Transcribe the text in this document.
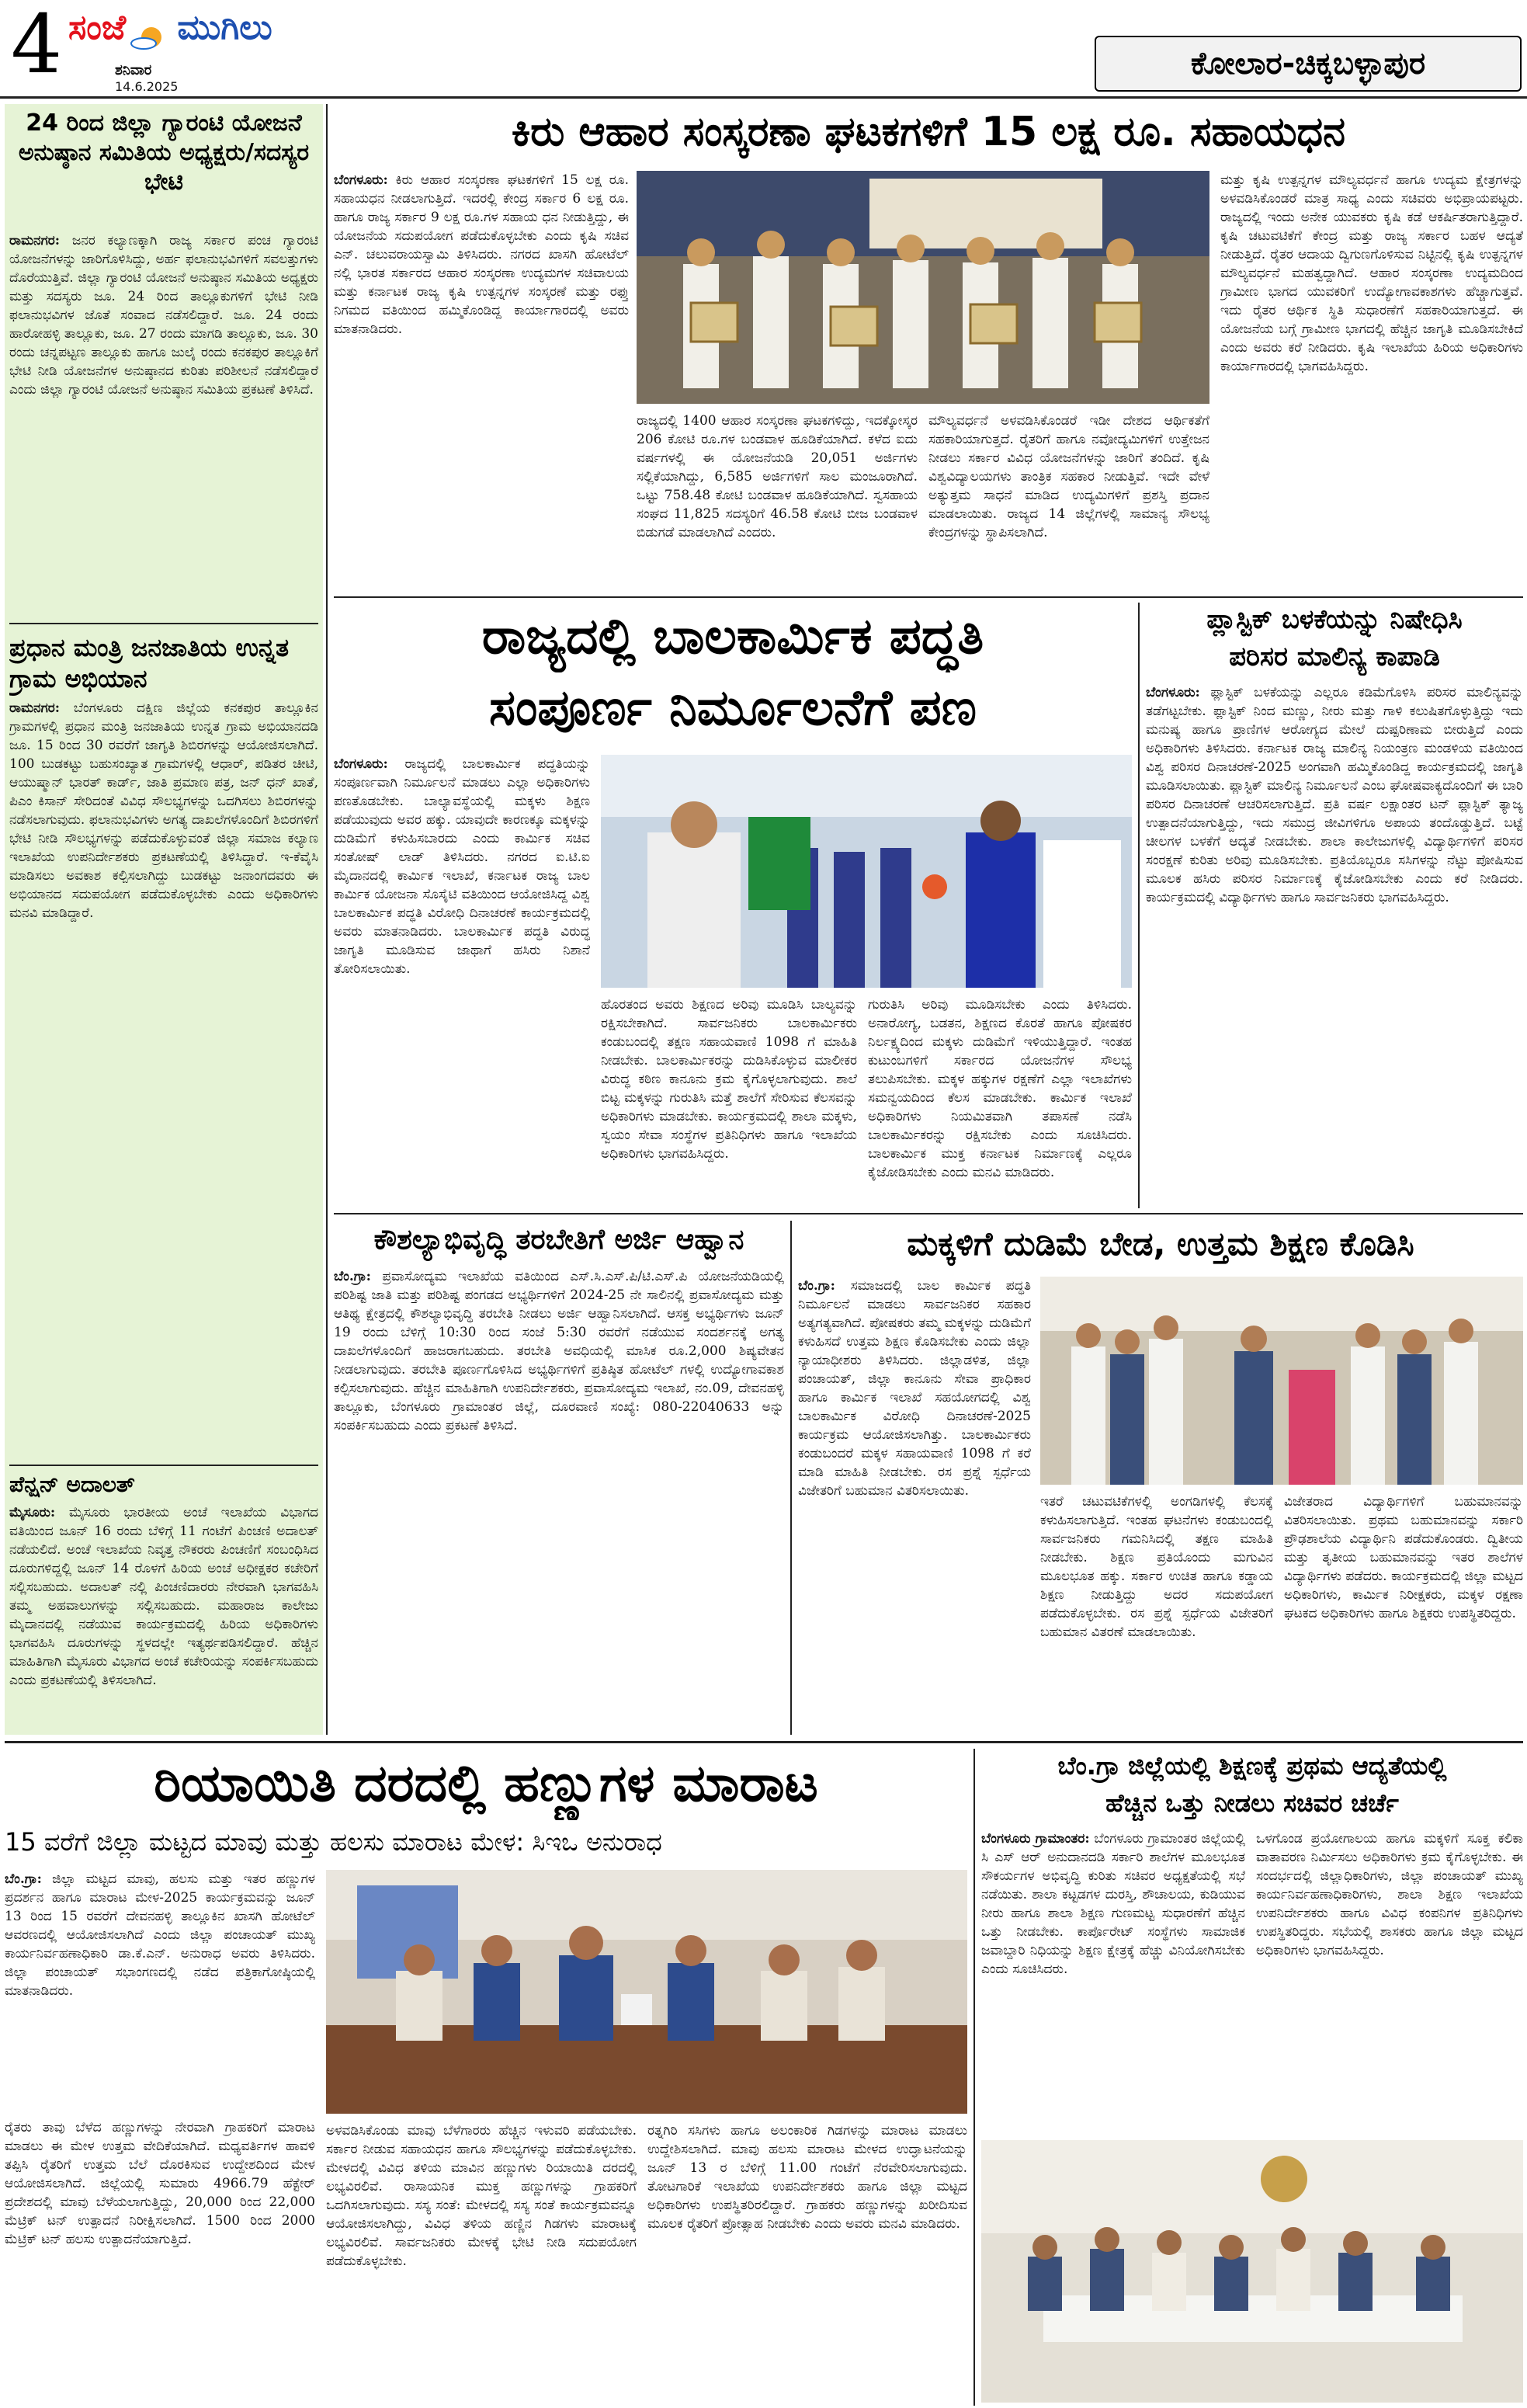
4 ಸಂಜೆ ಮುಗಿಲು
ಶನಿವಾರ
14.6.2025
ಕೋಲಾರ-ಚಿಕ್ಕಬಳ್ಳಾಪುರ
24 ರಿಂದ ಜಿಲ್ಲಾ ಗ್ಯಾರಂಟಿ ಯೋಜನೆ ಅನುಷ್ಠಾನ ಸಮಿತಿಯ ಅಧ್ಯಕ್ಷರು/ಸದಸ್ಯರ ಭೇಟಿ
ರಾಮನಗರ: ಜನರ ಕಲ್ಯಾಣಕ್ಕಾಗಿ ರಾಜ್ಯ ಸರ್ಕಾರ ಪಂಚ ಗ್ಯಾರಂಟಿ ಯೋಜನೆಗಳನ್ನು ಜಾರಿಗೊಳಿಸಿದ್ದು, ಅರ್ಹ ಫಲಾನುಭವಿಗಳಿಗೆ ಸವಲತ್ತುಗಳು ದೊರೆಯುತ್ತಿವೆ. ಜಿಲ್ಲಾ ಗ್ಯಾರಂಟಿ ಯೋಜನೆ ಅನುಷ್ಠಾನ ಸಮಿತಿಯ ಅಧ್ಯಕ್ಷರು ಮತ್ತು ಸದಸ್ಯರು ಜೂ. 24 ರಿಂದ ತಾಲ್ಲೂಕುಗಳಿಗೆ ಭೇಟಿ ನೀಡಿ ಫಲಾನುಭವಿಗಳ ಜೊತೆ ಸಂವಾದ ನಡೆಸಲಿದ್ದಾರೆ. ಜೂ. 24 ರಂದು ಹಾರೋಹಳ್ಳಿ ತಾಲ್ಲೂಕು, ಜೂ. 27 ರಂದು ಮಾಗಡಿ ತಾಲ್ಲೂಕು, ಜೂ. 30 ರಂದು ಚನ್ನಪಟ್ಟಣ ತಾಲ್ಲೂಕು ಹಾಗೂ ಜುಲೈ ರಂದು ಕನಕಪುರ ತಾಲ್ಲೂಕಿಗೆ ಭೇಟಿ ನೀಡಿ ಯೋಜನೆಗಳ ಅನುಷ್ಠಾನದ ಕುರಿತು ಪರಿಶೀಲನೆ ನಡೆಸಲಿದ್ದಾರೆ ಎಂದು ಜಿಲ್ಲಾ ಗ್ಯಾರಂಟಿ ಯೋಜನೆ ಅನುಷ್ಠಾನ ಸಮಿತಿಯ ಪ್ರಕಟಣೆ ತಿಳಿಸಿದೆ.
ಪ್ರಧಾನ ಮಂತ್ರಿ ಜನಜಾತಿಯ ಉನ್ನತ ಗ್ರಾಮ ಅಭಿಯಾನ
ರಾಮನಗರ: ಬೆಂಗಳೂರು ದಕ್ಷಿಣ ಜಿಲ್ಲೆಯ ಕನಕಪುರ ತಾಲ್ಲೂಕಿನ ಗ್ರಾಮಗಳಲ್ಲಿ ಪ್ರಧಾನ ಮಂತ್ರಿ ಜನಜಾತಿಯ ಉನ್ನತ ಗ್ರಾಮ ಅಭಿಯಾನದಡಿ ಜೂ. 15 ರಿಂದ 30 ರವರೆಗೆ ಜಾಗೃತಿ ಶಿಬಿರಗಳನ್ನು ಆಯೋಜಿಸಲಾಗಿದೆ. 100 ಬುಡಕಟ್ಟು ಬಹುಸಂಖ್ಯಾತ ಗ್ರಾಮಗಳಲ್ಲಿ ಆಧಾರ್, ಪಡಿತರ ಚೀಟಿ, ಆಯುಷ್ಮಾನ್ ಭಾರತ್ ಕಾರ್ಡ್, ಜಾತಿ ಪ್ರಮಾಣ ಪತ್ರ, ಜನ್ ಧನ್ ಖಾತೆ, ಪಿಎಂ ಕಿಸಾನ್ ಸೇರಿದಂತೆ ವಿವಿಧ ಸೌಲಭ್ಯಗಳನ್ನು ಒದಗಿಸಲು ಶಿಬಿರಗಳನ್ನು ನಡೆಸಲಾಗುವುದು. ಫಲಾನುಭವಿಗಳು ಅಗತ್ಯ ದಾಖಲೆಗಳೊಂದಿಗೆ ಶಿಬಿರಗಳಿಗೆ ಭೇಟಿ ನೀಡಿ ಸೌಲಭ್ಯಗಳನ್ನು ಪಡೆದುಕೊಳ್ಳುವಂತೆ ಜಿಲ್ಲಾ ಸಮಾಜ ಕಲ್ಯಾಣ ಇಲಾಖೆಯ ಉಪನಿರ್ದೇಶಕರು ಪ್ರಕಟಣೆಯಲ್ಲಿ ತಿಳಿಸಿದ್ದಾರೆ. ಇ-ಕೆವೈಸಿ ಮಾಡಿಸಲು ಅವಕಾಶ ಕಲ್ಪಿಸಲಾಗಿದ್ದು ಬುಡಕಟ್ಟು ಜನಾಂಗದವರು ಈ ಅಭಿಯಾನದ ಸದುಪಯೋಗ ಪಡೆದುಕೊಳ್ಳಬೇಕು ಎಂದು ಅಧಿಕಾರಿಗಳು ಮನವಿ ಮಾಡಿದ್ದಾರೆ.
ಪೆನ್ಷನ್ ಅದಾಲತ್
ಮೈಸೂರು: ಮೈಸೂರು ಭಾರತೀಯ ಅಂಚೆ ಇಲಾಖೆಯ ವಿಭಾಗದ ವತಿಯಿಂದ ಜೂನ್ 16 ರಂದು ಬೆಳಿಗ್ಗೆ 11 ಗಂಟೆಗೆ ಪಿಂಚಣಿ ಅದಾಲತ್ ನಡೆಯಲಿದೆ. ಅಂಚೆ ಇಲಾಖೆಯ ನಿವೃತ್ತ ನೌಕರರು ಪಿಂಚಣಿಗೆ ಸಂಬಂಧಿಸಿದ ದೂರುಗಳಿದ್ದಲ್ಲಿ ಜೂನ್ 14 ರೊಳಗೆ ಹಿರಿಯ ಅಂಚೆ ಅಧೀಕ್ಷಕರ ಕಚೇರಿಗೆ ಸಲ್ಲಿಸಬಹುದು. ಅದಾಲತ್ ನಲ್ಲಿ ಪಿಂಚಣಿದಾರರು ನೇರವಾಗಿ ಭಾಗವಹಿಸಿ ತಮ್ಮ ಅಹವಾಲುಗಳನ್ನು ಸಲ್ಲಿಸಬಹುದು. ಮಹಾರಾಜ ಕಾಲೇಜು ಮೈದಾನದಲ್ಲಿ ನಡೆಯುವ ಕಾರ್ಯಕ್ರಮದಲ್ಲಿ ಹಿರಿಯ ಅಧಿಕಾರಿಗಳು ಭಾಗವಹಿಸಿ ದೂರುಗಳನ್ನು ಸ್ಥಳದಲ್ಲೇ ಇತ್ಯರ್ಥಪಡಿಸಲಿದ್ದಾರೆ. ಹೆಚ್ಚಿನ ಮಾಹಿತಿಗಾಗಿ ಮೈಸೂರು ವಿಭಾಗದ ಅಂಚೆ ಕಚೇರಿಯನ್ನು ಸಂಪರ್ಕಿಸಬಹುದು ಎಂದು ಪ್ರಕಟಣೆಯಲ್ಲಿ ತಿಳಿಸಲಾಗಿದೆ.
ಕಿರು ಆಹಾರ ಸಂಸ್ಕರಣಾ ಘಟಕಗಳಿಗೆ 15 ಲಕ್ಷ ರೂ. ಸಹಾಯಧನ
ಬೆಂಗಳೂರು: ಕಿರು ಆಹಾರ ಸಂಸ್ಕರಣಾ ಘಟಕಗಳಿಗೆ 15 ಲಕ್ಷ ರೂ. ಸಹಾಯಧನ ನೀಡಲಾಗುತ್ತಿದೆ. ಇದರಲ್ಲಿ ಕೇಂದ್ರ ಸರ್ಕಾರ 6 ಲಕ್ಷ ರೂ. ಹಾಗೂ ರಾಜ್ಯ ಸರ್ಕಾರ 9 ಲಕ್ಷ ರೂ.ಗಳ ಸಹಾಯ ಧನ ನೀಡುತ್ತಿದ್ದು, ಈ ಯೋಜನೆಯ ಸದುಪಯೋಗ ಪಡೆದುಕೊಳ್ಳಬೇಕು ಎಂದು ಕೃಷಿ ಸಚಿವ ಎನ್. ಚಲುವರಾಯಸ್ವಾಮಿ ತಿಳಿಸಿದರು. ನಗರದ ಖಾಸಗಿ ಹೋಟೆಲ್ ನಲ್ಲಿ ಭಾರತ ಸರ್ಕಾರದ ಆಹಾರ ಸಂಸ್ಕರಣಾ ಉದ್ಯಮಗಳ ಸಚಿವಾಲಯ ಮತ್ತು ಕರ್ನಾಟಕ ರಾಜ್ಯ ಕೃಷಿ ಉತ್ಪನ್ನಗಳ ಸಂಸ್ಕರಣೆ ಮತ್ತು ರಫ್ತು ನಿಗಮದ ವತಿಯಿಂದ ಹಮ್ಮಿಕೊಂಡಿದ್ದ ಕಾರ್ಯಾಗಾರದಲ್ಲಿ ಅವರು ಮಾತನಾಡಿದರು.
ರಾಜ್ಯದಲ್ಲಿ 1400 ಆಹಾರ ಸಂಸ್ಕರಣಾ ಘಟಕಗಳಿದ್ದು, ಇದಕ್ಕೋಸ್ಕರ 206 ಕೋಟಿ ರೂ.ಗಳ ಬಂಡವಾಳ ಹೂಡಿಕೆಯಾಗಿದೆ. ಕಳೆದ ಐದು ವರ್ಷಗಳಲ್ಲಿ ಈ ಯೋಜನೆಯಡಿ 20,051 ಅರ್ಜಿಗಳು ಸಲ್ಲಿಕೆಯಾಗಿದ್ದು, 6,585 ಅರ್ಜಿಗಳಿಗೆ ಸಾಲ ಮಂಜೂರಾಗಿದೆ. ಒಟ್ಟು 758.48 ಕೋಟಿ ಬಂಡವಾಳ ಹೂಡಿಕೆಯಾಗಿದೆ. ಸ್ವಸಹಾಯ ಸಂಘದ 11,825 ಸದಸ್ಯರಿಗೆ 46.58 ಕೋಟಿ ಬೀಜ ಬಂಡವಾಳ ಬಿಡುಗಡೆ ಮಾಡಲಾಗಿದೆ ಎಂದರು.
ಮೌಲ್ಯವರ್ಧನೆ ಅಳವಡಿಸಿಕೊಂಡರೆ ಇಡೀ ದೇಶದ ಆರ್ಥಿಕತೆಗೆ ಸಹಕಾರಿಯಾಗುತ್ತದೆ. ರೈತರಿಗೆ ಹಾಗೂ ನವೋದ್ಯಮಿಗಳಿಗೆ ಉತ್ತೇಜನ ನೀಡಲು ಸರ್ಕಾರ ವಿವಿಧ ಯೋಜನೆಗಳನ್ನು ಜಾರಿಗೆ ತಂದಿದೆ. ಕೃಷಿ ವಿಶ್ವವಿದ್ಯಾಲಯಗಳು ತಾಂತ್ರಿಕ ಸಹಕಾರ ನೀಡುತ್ತಿವೆ. ಇದೇ ವೇಳೆ ಅತ್ಯುತ್ತಮ ಸಾಧನೆ ಮಾಡಿದ ಉದ್ಯಮಿಗಳಿಗೆ ಪ್ರಶಸ್ತಿ ಪ್ರದಾನ ಮಾಡಲಾಯಿತು. ರಾಜ್ಯದ 14 ಜಿಲ್ಲೆಗಳಲ್ಲಿ ಸಾಮಾನ್ಯ ಸೌಲಭ್ಯ ಕೇಂದ್ರಗಳನ್ನು ಸ್ಥಾಪಿಸಲಾಗಿದೆ.
ಮತ್ತು ಕೃಷಿ ಉತ್ಪನ್ನಗಳ ಮೌಲ್ಯವರ್ಧನೆ ಹಾಗೂ ಉದ್ಯಮ ಕ್ಷೇತ್ರಗಳನ್ನು ಅಳವಡಿಸಿಕೊಂಡರೆ ಮಾತ್ರ ಸಾಧ್ಯ ಎಂದು ಸಚಿವರು ಅಭಿಪ್ರಾಯಪಟ್ಟರು. ರಾಜ್ಯದಲ್ಲಿ ಇಂದು ಅನೇಕ ಯುವಕರು ಕೃಷಿ ಕಡೆ ಆಕರ್ಷಿತರಾಗುತ್ತಿದ್ದಾರೆ. ಕೃಷಿ ಚಟುವಟಿಕೆಗೆ ಕೇಂದ್ರ ಮತ್ತು ರಾಜ್ಯ ಸರ್ಕಾರ ಬಹಳ ಆದ್ಯತೆ ನೀಡುತ್ತಿದೆ. ರೈತರ ಆದಾಯ ದ್ವಿಗುಣಗೊಳಿಸುವ ನಿಟ್ಟಿನಲ್ಲಿ ಕೃಷಿ ಉತ್ಪನ್ನಗಳ ಮೌಲ್ಯವರ್ಧನೆ ಮಹತ್ವದ್ದಾಗಿದೆ. ಆಹಾರ ಸಂಸ್ಕರಣಾ ಉದ್ಯಮದಿಂದ ಗ್ರಾಮೀಣ ಭಾಗದ ಯುವಕರಿಗೆ ಉದ್ಯೋಗಾವಕಾಶಗಳು ಹೆಚ್ಚಾಗುತ್ತವೆ. ಇದು ರೈತರ ಆರ್ಥಿಕ ಸ್ಥಿತಿ ಸುಧಾರಣೆಗೆ ಸಹಕಾರಿಯಾಗುತ್ತದೆ. ಈ ಯೋಜನೆಯ ಬಗ್ಗೆ ಗ್ರಾಮೀಣ ಭಾಗದಲ್ಲಿ ಹೆಚ್ಚಿನ ಜಾಗೃತಿ ಮೂಡಿಸಬೇಕಿದೆ ಎಂದು ಅವರು ಕರೆ ನೀಡಿದರು. ಕೃಷಿ ಇಲಾಖೆಯ ಹಿರಿಯ ಅಧಿಕಾರಿಗಳು ಕಾರ್ಯಾಗಾರದಲ್ಲಿ ಭಾಗವಹಿಸಿದ್ದರು.
ರಾಜ್ಯದಲ್ಲಿ ಬಾಲಕಾರ್ಮಿಕ ಪದ್ಧತಿ
ಸಂಪೂರ್ಣ ನಿರ್ಮೂಲನೆಗೆ ಪಣ
ಬೆಂಗಳೂರು: ರಾಜ್ಯದಲ್ಲಿ ಬಾಲಕಾರ್ಮಿಕ ಪದ್ಧತಿಯನ್ನು ಸಂಪೂರ್ಣವಾಗಿ ನಿರ್ಮೂಲನೆ ಮಾಡಲು ಎಲ್ಲಾ ಅಧಿಕಾರಿಗಳು ಪಣತೊಡಬೇಕು. ಬಾಲ್ಯಾವಸ್ಥೆಯಲ್ಲಿ ಮಕ್ಕಳು ಶಿಕ್ಷಣ ಪಡೆಯುವುದು ಅವರ ಹಕ್ಕು. ಯಾವುದೇ ಕಾರಣಕ್ಕೂ ಮಕ್ಕಳನ್ನು ದುಡಿಮೆಗೆ ಕಳುಹಿಸಬಾರದು ಎಂದು ಕಾರ್ಮಿಕ ಸಚಿವ ಸಂತೋಷ್ ಲಾಡ್ ತಿಳಿಸಿದರು. ನಗರದ ಐ.ಟಿ.ಐ ಮೈದಾನದಲ್ಲಿ ಕಾರ್ಮಿಕ ಇಲಾಖೆ, ಕರ್ನಾಟಕ ರಾಜ್ಯ ಬಾಲ ಕಾರ್ಮಿಕ ಯೋಜನಾ ಸೊಸೈಟಿ ವತಿಯಿಂದ ಆಯೋಜಿಸಿದ್ದ ವಿಶ್ವ ಬಾಲಕಾರ್ಮಿಕ ಪದ್ಧತಿ ವಿರೋಧಿ ದಿನಾಚರಣೆ ಕಾರ್ಯಕ್ರಮದಲ್ಲಿ ಅವರು ಮಾತನಾಡಿದರು. ಬಾಲಕಾರ್ಮಿಕ ಪದ್ಧತಿ ವಿರುದ್ಧ ಜಾಗೃತಿ ಮೂಡಿಸುವ ಜಾಥಾಗೆ ಹಸಿರು ನಿಶಾನೆ ತೋರಿಸಲಾಯಿತು.
ಹೊರತಂದ ಅವರು ಶಿಕ್ಷಣದ ಅರಿವು ಮೂಡಿಸಿ ಬಾಲ್ಯವನ್ನು ರಕ್ಷಿಸಬೇಕಾಗಿದೆ. ಸಾರ್ವಜನಿಕರು ಬಾಲಕಾರ್ಮಿಕರು ಕಂಡುಬಂದಲ್ಲಿ ತಕ್ಷಣ ಸಹಾಯವಾಣಿ 1098 ಗೆ ಮಾಹಿತಿ ನೀಡಬೇಕು. ಬಾಲಕಾರ್ಮಿಕರನ್ನು ದುಡಿಸಿಕೊಳ್ಳುವ ಮಾಲೀಕರ ವಿರುದ್ಧ ಕಠಿಣ ಕಾನೂನು ಕ್ರಮ ಕೈಗೊಳ್ಳಲಾಗುವುದು. ಶಾಲೆ ಬಿಟ್ಟ ಮಕ್ಕಳನ್ನು ಗುರುತಿಸಿ ಮತ್ತೆ ಶಾಲೆಗೆ ಸೇರಿಸುವ ಕೆಲಸವನ್ನು ಅಧಿಕಾರಿಗಳು ಮಾಡಬೇಕು. ಕಾರ್ಯಕ್ರಮದಲ್ಲಿ ಶಾಲಾ ಮಕ್ಕಳು, ಸ್ವಯಂ ಸೇವಾ ಸಂಸ್ಥೆಗಳ ಪ್ರತಿನಿಧಿಗಳು ಹಾಗೂ ಇಲಾಖೆಯ ಅಧಿಕಾರಿಗಳು ಭಾಗವಹಿಸಿದ್ದರು.
ಗುರುತಿಸಿ ಅರಿವು ಮೂಡಿಸಬೇಕು ಎಂದು ತಿಳಿಸಿದರು. ಅನಾರೋಗ್ಯ, ಬಡತನ, ಶಿಕ್ಷಣದ ಕೊರತೆ ಹಾಗೂ ಪೋಷಕರ ನಿರ್ಲಕ್ಷ್ಯದಿಂದ ಮಕ್ಕಳು ದುಡಿಮೆಗೆ ಇಳಿಯುತ್ತಿದ್ದಾರೆ. ಇಂತಹ ಕುಟುಂಬಗಳಿಗೆ ಸರ್ಕಾರದ ಯೋಜನೆಗಳ ಸೌಲಭ್ಯ ತಲುಪಿಸಬೇಕು. ಮಕ್ಕಳ ಹಕ್ಕುಗಳ ರಕ್ಷಣೆಗೆ ಎಲ್ಲಾ ಇಲಾಖೆಗಳು ಸಮನ್ವಯದಿಂದ ಕೆಲಸ ಮಾಡಬೇಕು. ಕಾರ್ಮಿಕ ಇಲಾಖೆ ಅಧಿಕಾರಿಗಳು ನಿಯಮಿತವಾಗಿ ತಪಾಸಣೆ ನಡೆಸಿ ಬಾಲಕಾರ್ಮಿಕರನ್ನು ರಕ್ಷಿಸಬೇಕು ಎಂದು ಸೂಚಿಸಿದರು. ಬಾಲಕಾರ್ಮಿಕ ಮುಕ್ತ ಕರ್ನಾಟಕ ನಿರ್ಮಾಣಕ್ಕೆ ಎಲ್ಲರೂ ಕೈಜೋಡಿಸಬೇಕು ಎಂದು ಮನವಿ ಮಾಡಿದರು.
ಪ್ಲಾಸ್ಟಿಕ್ ಬಳಕೆಯನ್ನು ನಿಷೇಧಿಸಿ
ಪರಿಸರ ಮಾಲಿನ್ಯ ಕಾಪಾಡಿ
ಬೆಂಗಳೂರು: ಪ್ಲಾಸ್ಟಿಕ್ ಬಳಕೆಯನ್ನು ಎಲ್ಲರೂ ಕಡಿಮೆಗೊಳಿಸಿ ಪರಿಸರ ಮಾಲಿನ್ಯವನ್ನು ತಡೆಗಟ್ಟಬೇಕು. ಪ್ಲಾಸ್ಟಿಕ್ ನಿಂದ ಮಣ್ಣು, ನೀರು ಮತ್ತು ಗಾಳಿ ಕಲುಷಿತಗೊಳ್ಳುತ್ತಿದ್ದು ಇದು ಮನುಷ್ಯ ಹಾಗೂ ಪ್ರಾಣಿಗಳ ಆರೋಗ್ಯದ ಮೇಲೆ ದುಷ್ಪರಿಣಾಮ ಬೀರುತ್ತಿದೆ ಎಂದು ಅಧಿಕಾರಿಗಳು ತಿಳಿಸಿದರು. ಕರ್ನಾಟಕ ರಾಜ್ಯ ಮಾಲಿನ್ಯ ನಿಯಂತ್ರಣ ಮಂಡಳಿಯ ವತಿಯಿಂದ ವಿಶ್ವ ಪರಿಸರ ದಿನಾಚರಣೆ-2025 ಅಂಗವಾಗಿ ಹಮ್ಮಿಕೊಂಡಿದ್ದ ಕಾರ್ಯಕ್ರಮದಲ್ಲಿ ಜಾಗೃತಿ ಮೂಡಿಸಲಾಯಿತು. ಪ್ಲಾಸ್ಟಿಕ್ ಮಾಲಿನ್ಯ ನಿರ್ಮೂಲನೆ ಎಂಬ ಘೋಷವಾಕ್ಯದೊಂದಿಗೆ ಈ ಬಾರಿ ಪರಿಸರ ದಿನಾಚರಣೆ ಆಚರಿಸಲಾಗುತ್ತಿದೆ. ಪ್ರತಿ ವರ್ಷ ಲಕ್ಷಾಂತರ ಟನ್ ಪ್ಲಾಸ್ಟಿಕ್ ತ್ಯಾಜ್ಯ ಉತ್ಪಾದನೆಯಾಗುತ್ತಿದ್ದು, ಇದು ಸಮುದ್ರ ಜೀವಿಗಳಿಗೂ ಅಪಾಯ ತಂದೊಡ್ಡುತ್ತಿದೆ. ಬಟ್ಟೆ ಚೀಲಗಳ ಬಳಕೆಗೆ ಆದ್ಯತೆ ನೀಡಬೇಕು. ಶಾಲಾ ಕಾಲೇಜುಗಳಲ್ಲಿ ವಿದ್ಯಾರ್ಥಿಗಳಿಗೆ ಪರಿಸರ ಸಂರಕ್ಷಣೆ ಕುರಿತು ಅರಿವು ಮೂಡಿಸಬೇಕು. ಪ್ರತಿಯೊಬ್ಬರೂ ಸಸಿಗಳನ್ನು ನೆಟ್ಟು ಪೋಷಿಸುವ ಮೂಲಕ ಹಸಿರು ಪರಿಸರ ನಿರ್ಮಾಣಕ್ಕೆ ಕೈಜೋಡಿಸಬೇಕು ಎಂದು ಕರೆ ನೀಡಿದರು. ಕಾರ್ಯಕ್ರಮದಲ್ಲಿ ವಿದ್ಯಾರ್ಥಿಗಳು ಹಾಗೂ ಸಾರ್ವಜನಿಕರು ಭಾಗವಹಿಸಿದ್ದರು.
ಕೌಶಲ್ಯಾಭಿವೃದ್ಧಿ ತರಬೇತಿಗೆ ಅರ್ಜಿ ಆಹ್ವಾನ
ಬೆಂ.ಗ್ರಾ: ಪ್ರವಾಸೋದ್ಯಮ ಇಲಾಖೆಯ ವತಿಯಿಂದ ಎಸ್.ಸಿ.ಎಸ್.ಪಿ/ಟಿ.ಎಸ್.ಪಿ ಯೋಜನೆಯಡಿಯಲ್ಲಿ ಪರಿಶಿಷ್ಟ ಜಾತಿ ಮತ್ತು ಪರಿಶಿಷ್ಟ ಪಂಗಡದ ಅಭ್ಯರ್ಥಿಗಳಿಗೆ 2024-25 ನೇ ಸಾಲಿನಲ್ಲಿ ಪ್ರವಾಸೋದ್ಯಮ ಮತ್ತು ಆತಿಥ್ಯ ಕ್ಷೇತ್ರದಲ್ಲಿ ಕೌಶಲ್ಯಾಭಿವೃದ್ಧಿ ತರಬೇತಿ ನೀಡಲು ಅರ್ಜಿ ಆಹ್ವಾನಿಸಲಾಗಿದೆ. ಆಸಕ್ತ ಅಭ್ಯರ್ಥಿಗಳು ಜೂನ್ 19 ರಂದು ಬೆಳಿಗ್ಗೆ 10:30 ರಿಂದ ಸಂಜೆ 5:30 ರವರೆಗೆ ನಡೆಯುವ ಸಂದರ್ಶನಕ್ಕೆ ಅಗತ್ಯ ದಾಖಲೆಗಳೊಂದಿಗೆ ಹಾಜರಾಗಬಹುದು. ತರಬೇತಿ ಅವಧಿಯಲ್ಲಿ ಮಾಸಿಕ ರೂ.2,000 ಶಿಷ್ಯವೇತನ ನೀಡಲಾಗುವುದು. ತರಬೇತಿ ಪೂರ್ಣಗೊಳಿಸಿದ ಅಭ್ಯರ್ಥಿಗಳಿಗೆ ಪ್ರತಿಷ್ಠಿತ ಹೋಟೆಲ್ ಗಳಲ್ಲಿ ಉದ್ಯೋಗಾವಕಾಶ ಕಲ್ಪಿಸಲಾಗುವುದು. ಹೆಚ್ಚಿನ ಮಾಹಿತಿಗಾಗಿ ಉಪನಿರ್ದೇಶಕರು, ಪ್ರವಾಸೋದ್ಯಮ ಇಲಾಖೆ, ನಂ.09, ದೇವನಹಳ್ಳಿ ತಾಲ್ಲೂಕು, ಬೆಂಗಳೂರು ಗ್ರಾಮಾಂತರ ಜಿಲ್ಲೆ, ದೂರವಾಣಿ ಸಂಖ್ಯೆ: 080-22040633 ಅನ್ನು ಸಂಪರ್ಕಿಸಬಹುದು ಎಂದು ಪ್ರಕಟಣೆ ತಿಳಿಸಿದೆ.
ಮಕ್ಕಳಿಗೆ ದುಡಿಮೆ ಬೇಡ, ಉತ್ತಮ ಶಿಕ್ಷಣ ಕೊಡಿಸಿ
ಬೆಂ.ಗ್ರಾ: ಸಮಾಜದಲ್ಲಿ ಬಾಲ ಕಾರ್ಮಿಕ ಪದ್ಧತಿ ನಿರ್ಮೂಲನೆ ಮಾಡಲು ಸಾರ್ವಜನಿಕರ ಸಹಕಾರ ಅತ್ಯಗತ್ಯವಾಗಿದೆ. ಪೋಷಕರು ತಮ್ಮ ಮಕ್ಕಳನ್ನು ದುಡಿಮೆಗೆ ಕಳುಹಿಸದೆ ಉತ್ತಮ ಶಿಕ್ಷಣ ಕೊಡಿಸಬೇಕು ಎಂದು ಜಿಲ್ಲಾ ನ್ಯಾಯಾಧೀಶರು ತಿಳಿಸಿದರು. ಜಿಲ್ಲಾಡಳಿತ, ಜಿಲ್ಲಾ ಪಂಚಾಯತ್, ಜಿಲ್ಲಾ ಕಾನೂನು ಸೇವಾ ಪ್ರಾಧಿಕಾರ ಹಾಗೂ ಕಾರ್ಮಿಕ ಇಲಾಖೆ ಸಹಯೋಗದಲ್ಲಿ ವಿಶ್ವ ಬಾಲಕಾರ್ಮಿಕ ವಿರೋಧಿ ದಿನಾಚರಣೆ-2025 ಕಾರ್ಯಕ್ರಮ ಆಯೋಜಿಸಲಾಗಿತ್ತು. ಬಾಲಕಾರ್ಮಿಕರು ಕಂಡುಬಂದರೆ ಮಕ್ಕಳ ಸಹಾಯವಾಣಿ 1098 ಗೆ ಕರೆ ಮಾಡಿ ಮಾಹಿತಿ ನೀಡಬೇಕು. ರಸ ಪ್ರಶ್ನೆ ಸ್ಪರ್ಧೆಯ ವಿಜೇತರಿಗೆ ಬಹುಮಾನ ವಿತರಿಸಲಾಯಿತು.
ಇತರೆ ಚಟುವಟಿಕೆಗಳಲ್ಲಿ ಅಂಗಡಿಗಳಲ್ಲಿ ಕೆಲಸಕ್ಕೆ ಕಳುಹಿಸಲಾಗುತ್ತಿದೆ. ಇಂತಹ ಘಟನೆಗಳು ಕಂಡುಬಂದಲ್ಲಿ ಸಾರ್ವಜನಿಕರು ಗಮನಿಸಿದಲ್ಲಿ ತಕ್ಷಣ ಮಾಹಿತಿ ನೀಡಬೇಕು. ಶಿಕ್ಷಣ ಪ್ರತಿಯೊಂದು ಮಗುವಿನ ಮೂಲಭೂತ ಹಕ್ಕು. ಸರ್ಕಾರ ಉಚಿತ ಹಾಗೂ ಕಡ್ಡಾಯ ಶಿಕ್ಷಣ ನೀಡುತ್ತಿದ್ದು ಅದರ ಸದುಪಯೋಗ ಪಡೆದುಕೊಳ್ಳಬೇಕು. ರಸ ಪ್ರಶ್ನೆ ಸ್ಪರ್ಧೆಯ ವಿಜೇತರಿಗೆ ಬಹುಮಾನ ವಿತರಣೆ ಮಾಡಲಾಯಿತು.
ವಿಜೇತರಾದ ವಿದ್ಯಾರ್ಥಿಗಳಿಗೆ ಬಹುಮಾನವನ್ನು ವಿತರಿಸಲಾಯಿತು. ಪ್ರಥಮ ಬಹುಮಾನವನ್ನು ಸರ್ಕಾರಿ ಪ್ರೌಢಶಾಲೆಯ ವಿದ್ಯಾರ್ಥಿನಿ ಪಡೆದುಕೊಂಡರು. ದ್ವಿತೀಯ ಮತ್ತು ತೃತೀಯ ಬಹುಮಾನವನ್ನು ಇತರ ಶಾಲೆಗಳ ವಿದ್ಯಾರ್ಥಿಗಳು ಪಡೆದರು. ಕಾರ್ಯಕ್ರಮದಲ್ಲಿ ಜಿಲ್ಲಾ ಮಟ್ಟದ ಅಧಿಕಾರಿಗಳು, ಕಾರ್ಮಿಕ ನಿರೀಕ್ಷಕರು, ಮಕ್ಕಳ ರಕ್ಷಣಾ ಘಟಕದ ಅಧಿಕಾರಿಗಳು ಹಾಗೂ ಶಿಕ್ಷಕರು ಉಪಸ್ಥಿತರಿದ್ದರು.
ರಿಯಾಯಿತಿ ದರದಲ್ಲಿ ಹಣ್ಣುಗಳ ಮಾರಾಟ
15 ವರೆಗೆ ಜಿಲ್ಲಾ ಮಟ್ಟದ ಮಾವು ಮತ್ತು ಹಲಸು ಮಾರಾಟ ಮೇಳ: ಸಿಇಒ ಅನುರಾಧ
ಬೆಂ.ಗ್ರಾ: ಜಿಲ್ಲಾ ಮಟ್ಟದ ಮಾವು, ಹಲಸು ಮತ್ತು ಇತರ ಹಣ್ಣುಗಳ ಪ್ರದರ್ಶನ ಹಾಗೂ ಮಾರಾಟ ಮೇಳ-2025 ಕಾರ್ಯಕ್ರಮವನ್ನು ಜೂನ್ 13 ರಿಂದ 15 ರವರೆಗೆ ದೇವನಹಳ್ಳಿ ತಾಲ್ಲೂಕಿನ ಖಾಸಗಿ ಹೋಟೆಲ್ ಆವರಣದಲ್ಲಿ ಆಯೋಜಿಸಲಾಗಿದೆ ಎಂದು ಜಿಲ್ಲಾ ಪಂಚಾಯತ್ ಮುಖ್ಯ ಕಾರ್ಯನಿರ್ವಹಣಾಧಿಕಾರಿ ಡಾ.ಕೆ.ಎನ್. ಅನುರಾಧ ಅವರು ತಿಳಿಸಿದರು. ಜಿಲ್ಲಾ ಪಂಚಾಯತ್ ಸಭಾಂಗಣದಲ್ಲಿ ನಡೆದ ಪತ್ರಿಕಾಗೋಷ್ಠಿಯಲ್ಲಿ ಮಾತನಾಡಿದರು.
ರೈತರು ತಾವು ಬೆಳೆದ ಹಣ್ಣುಗಳನ್ನು ನೇರವಾಗಿ ಗ್ರಾಹಕರಿಗೆ ಮಾರಾಟ ಮಾಡಲು ಈ ಮೇಳ ಉತ್ತಮ ವೇದಿಕೆಯಾಗಿದೆ. ಮಧ್ಯವರ್ತಿಗಳ ಹಾವಳಿ ತಪ್ಪಿಸಿ ರೈತರಿಗೆ ಉತ್ತಮ ಬೆಲೆ ದೊರಕಿಸುವ ಉದ್ದೇಶದಿಂದ ಮೇಳ ಆಯೋಜಿಸಲಾಗಿದೆ. ಜಿಲ್ಲೆಯಲ್ಲಿ ಸುಮಾರು 4966.79 ಹೆಕ್ಟೇರ್ ಪ್ರದೇಶದಲ್ಲಿ ಮಾವು ಬೆಳೆಯಲಾಗುತ್ತಿದ್ದು, 20,000 ರಿಂದ 22,000 ಮೆಟ್ರಿಕ್ ಟನ್ ಉತ್ಪಾದನೆ ನಿರೀಕ್ಷಿಸಲಾಗಿದೆ. 1500 ರಿಂದ 2000 ಮೆಟ್ರಿಕ್ ಟನ್ ಹಲಸು ಉತ್ಪಾದನೆಯಾಗುತ್ತಿದೆ.
ಅಳವಡಿಸಿಕೊಂಡು ಮಾವು ಬೆಳೆಗಾರರು ಹೆಚ್ಚಿನ ಇಳುವರಿ ಪಡೆಯಬೇಕು. ಸರ್ಕಾರ ನೀಡುವ ಸಹಾಯಧನ ಹಾಗೂ ಸೌಲಭ್ಯಗಳನ್ನು ಪಡೆದುಕೊಳ್ಳಬೇಕು. ಮೇಳದಲ್ಲಿ ವಿವಿಧ ತಳಿಯ ಮಾವಿನ ಹಣ್ಣುಗಳು ರಿಯಾಯಿತಿ ದರದಲ್ಲಿ ಲಭ್ಯವಿರಲಿವೆ. ರಾಸಾಯನಿಕ ಮುಕ್ತ ಹಣ್ಣುಗಳನ್ನು ಗ್ರಾಹಕರಿಗೆ ಒದಗಿಸಲಾಗುವುದು. ಸಸ್ಯ ಸಂತೆ: ಮೇಳದಲ್ಲಿ ಸಸ್ಯ ಸಂತೆ ಕಾರ್ಯಕ್ರಮವನ್ನೂ ಆಯೋಜಿಸಲಾಗಿದ್ದು, ವಿವಿಧ ತಳಿಯ ಹಣ್ಣಿನ ಗಿಡಗಳು ಮಾರಾಟಕ್ಕೆ ಲಭ್ಯವಿರಲಿವೆ. ಸಾರ್ವಜನಿಕರು ಮೇಳಕ್ಕೆ ಭೇಟಿ ನೀಡಿ ಸದುಪಯೋಗ ಪಡೆದುಕೊಳ್ಳಬೇಕು.
ರತ್ನಗಿರಿ ಸಸಿಗಳು ಹಾಗೂ ಅಲಂಕಾರಿಕ ಗಿಡಗಳನ್ನು ಮಾರಾಟ ಮಾಡಲು ಉದ್ದೇಶಿಸಲಾಗಿದೆ. ಮಾವು ಹಲಸು ಮಾರಾಟ ಮೇಳದ ಉದ್ಘಾಟನೆಯನ್ನು ಜೂನ್ 13 ರ ಬೆಳಿಗ್ಗೆ 11.00 ಗಂಟೆಗೆ ನೆರವೇರಿಸಲಾಗುವುದು. ತೋಟಗಾರಿಕೆ ಇಲಾಖೆಯ ಉಪನಿರ್ದೇಶಕರು ಹಾಗೂ ಜಿಲ್ಲಾ ಮಟ್ಟದ ಅಧಿಕಾರಿಗಳು ಉಪಸ್ಥಿತರಿರಲಿದ್ದಾರೆ. ಗ್ರಾಹಕರು ಹಣ್ಣುಗಳನ್ನು ಖರೀದಿಸುವ ಮೂಲಕ ರೈತರಿಗೆ ಪ್ರೋತ್ಸಾಹ ನೀಡಬೇಕು ಎಂದು ಅವರು ಮನವಿ ಮಾಡಿದರು.
ಬೆಂ.ಗ್ರಾ ಜಿಲ್ಲೆಯಲ್ಲಿ ಶಿಕ್ಷಣಕ್ಕೆ ಪ್ರಥಮ ಆದ್ಯತೆಯಲ್ಲಿ
ಹೆಚ್ಚಿನ ಒತ್ತು ನೀಡಲು ಸಚಿವರ ಚರ್ಚೆ
ಬೆಂಗಳೂರು ಗ್ರಾಮಾಂತರ: ಬೆಂಗಳೂರು ಗ್ರಾಮಾಂತರ ಜಿಲ್ಲೆಯಲ್ಲಿ ಸಿ ಎಸ್ ಆರ್ ಅನುದಾನದಡಿ ಸರ್ಕಾರಿ ಶಾಲೆಗಳ ಮೂಲಭೂತ ಸೌಕರ್ಯಗಳ ಅಭಿವೃದ್ಧಿ ಕುರಿತು ಸಚಿವರ ಅಧ್ಯಕ್ಷತೆಯಲ್ಲಿ ಸಭೆ ನಡೆಯಿತು. ಶಾಲಾ ಕಟ್ಟಡಗಳ ದುರಸ್ತಿ, ಶೌಚಾಲಯ, ಕುಡಿಯುವ ನೀರು ಹಾಗೂ ಶಾಲಾ ಶಿಕ್ಷಣ ಗುಣಮಟ್ಟ ಸುಧಾರಣೆಗೆ ಹೆಚ್ಚಿನ ಒತ್ತು ನೀಡಬೇಕು. ಕಾರ್ಪೊರೇಟ್ ಸಂಸ್ಥೆಗಳು ಸಾಮಾಜಿಕ ಜವಾಬ್ದಾರಿ ನಿಧಿಯನ್ನು ಶಿಕ್ಷಣ ಕ್ಷೇತ್ರಕ್ಕೆ ಹೆಚ್ಚು ವಿನಿಯೋಗಿಸಬೇಕು ಎಂದು ಸೂಚಿಸಿದರು.
ಒಳಗೊಂಡ ಪ್ರಯೋಗಾಲಯ ಹಾಗೂ ಮಕ್ಕಳಿಗೆ ಸೂಕ್ತ ಕಲಿಕಾ ವಾತಾವರಣ ನಿರ್ಮಿಸಲು ಅಧಿಕಾರಿಗಳು ಕ್ರಮ ಕೈಗೊಳ್ಳಬೇಕು. ಈ ಸಂದರ್ಭದಲ್ಲಿ ಜಿಲ್ಲಾಧಿಕಾರಿಗಳು, ಜಿಲ್ಲಾ ಪಂಚಾಯತ್ ಮುಖ್ಯ ಕಾರ್ಯನಿರ್ವಹಣಾಧಿಕಾರಿಗಳು, ಶಾಲಾ ಶಿಕ್ಷಣ ಇಲಾಖೆಯ ಉಪನಿರ್ದೇಶಕರು ಹಾಗೂ ವಿವಿಧ ಕಂಪನಿಗಳ ಪ್ರತಿನಿಧಿಗಳು ಉಪಸ್ಥಿತರಿದ್ದರು. ಸಭೆಯಲ್ಲಿ ಶಾಸಕರು ಹಾಗೂ ಜಿಲ್ಲಾ ಮಟ್ಟದ ಅಧಿಕಾರಿಗಳು ಭಾಗವಹಿಸಿದ್ದರು.
